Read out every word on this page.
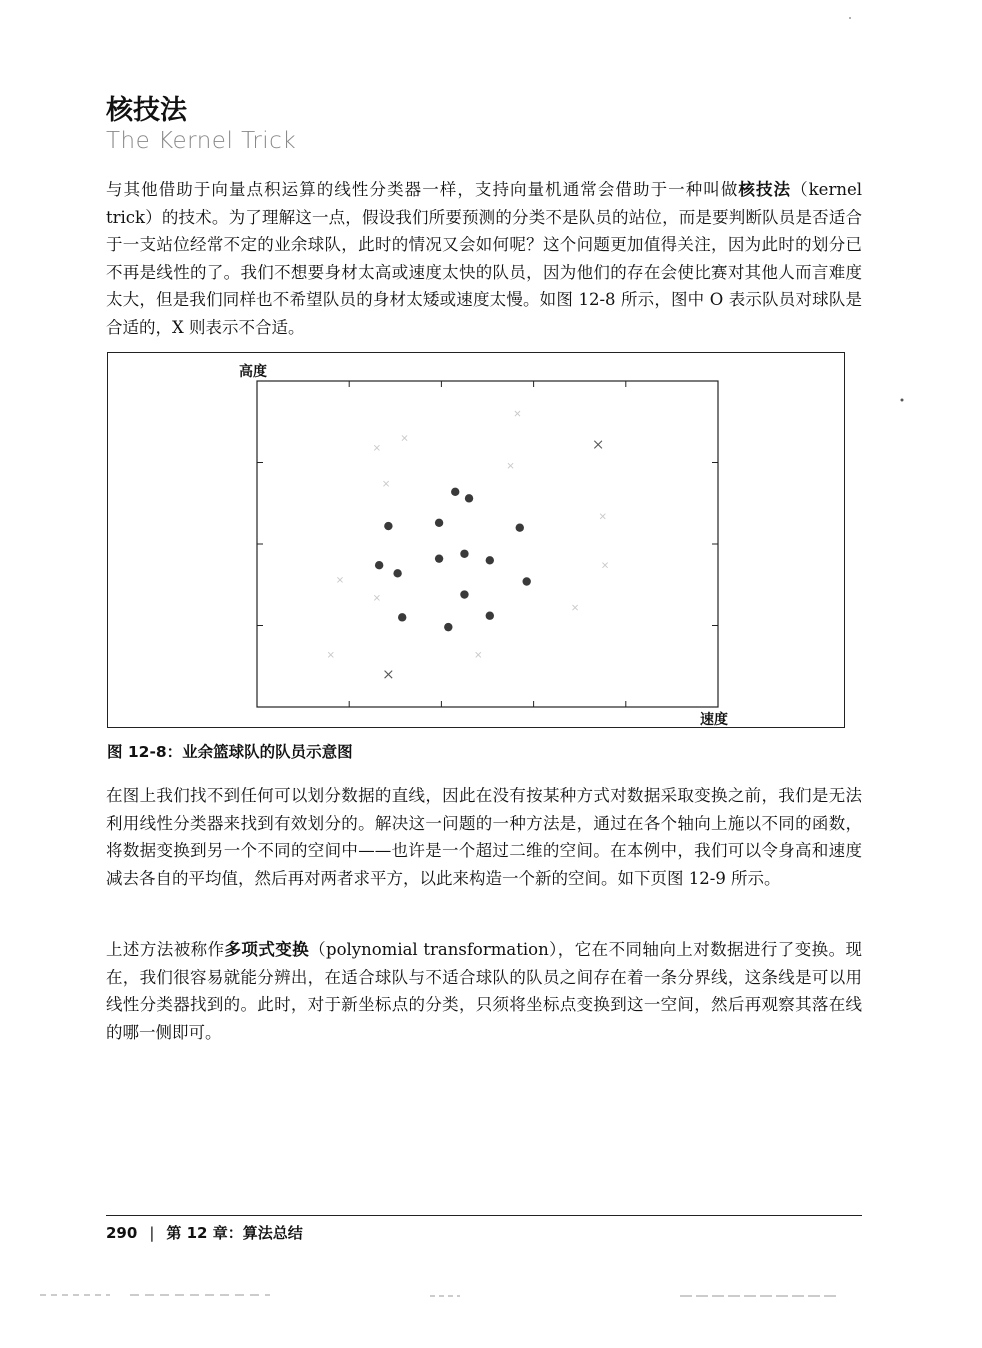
核技法
The Kernel Trick

与其他借助于向量点积运算的线性分类器一样，支持向量机通常会借助于一种叫做核技法（kernel trick）的技术。为了理解这一点，假设我们所要预测的分类不是队员的站位，而是要判断队员是否适合于一支站位经常不定的业余球队，此时的情况又会如何呢？这个问题更加值得关注，因为此时的划分已不再是线性的了。我们不想要身材太高或速度太快的队员，因为他们的存在会使比赛对其他人而言难度太大，但是我们同样也不希望队员的身材太矮或速度太慢。如图 12-8 所示，图中 O 表示队员对球队是合适的，X 则表示不合适。

高度
速度
图 12-8：业余篮球队的队员示意图

在图上我们找不到任何可以划分数据的直线，因此在没有按某种方式对数据采取变换之前，我们是无法利用线性分类器来找到有效划分的。解决这一问题的一种方法是，通过在各个轴向上施以不同的函数，将数据变换到另一个不同的空间中——也许是一个超过二维的空间。在本例中，我们可以令身高和速度减去各自的平均值，然后再对两者求平方，以此来构造一个新的空间。如下页图 12-9 所示。

上述方法被称作多项式变换（polynomial transformation），它在不同轴向上对数据进行了变换。现在，我们很容易就能分辨出，在适合球队与不适合球队的队员之间存在着一条分界线，这条线是可以用线性分类器找到的。此时，对于新坐标点的分类，只须将坐标点变换到这一空间，然后再观察其落在线的哪一侧即可。

290 | 第 12 章：算法总结
